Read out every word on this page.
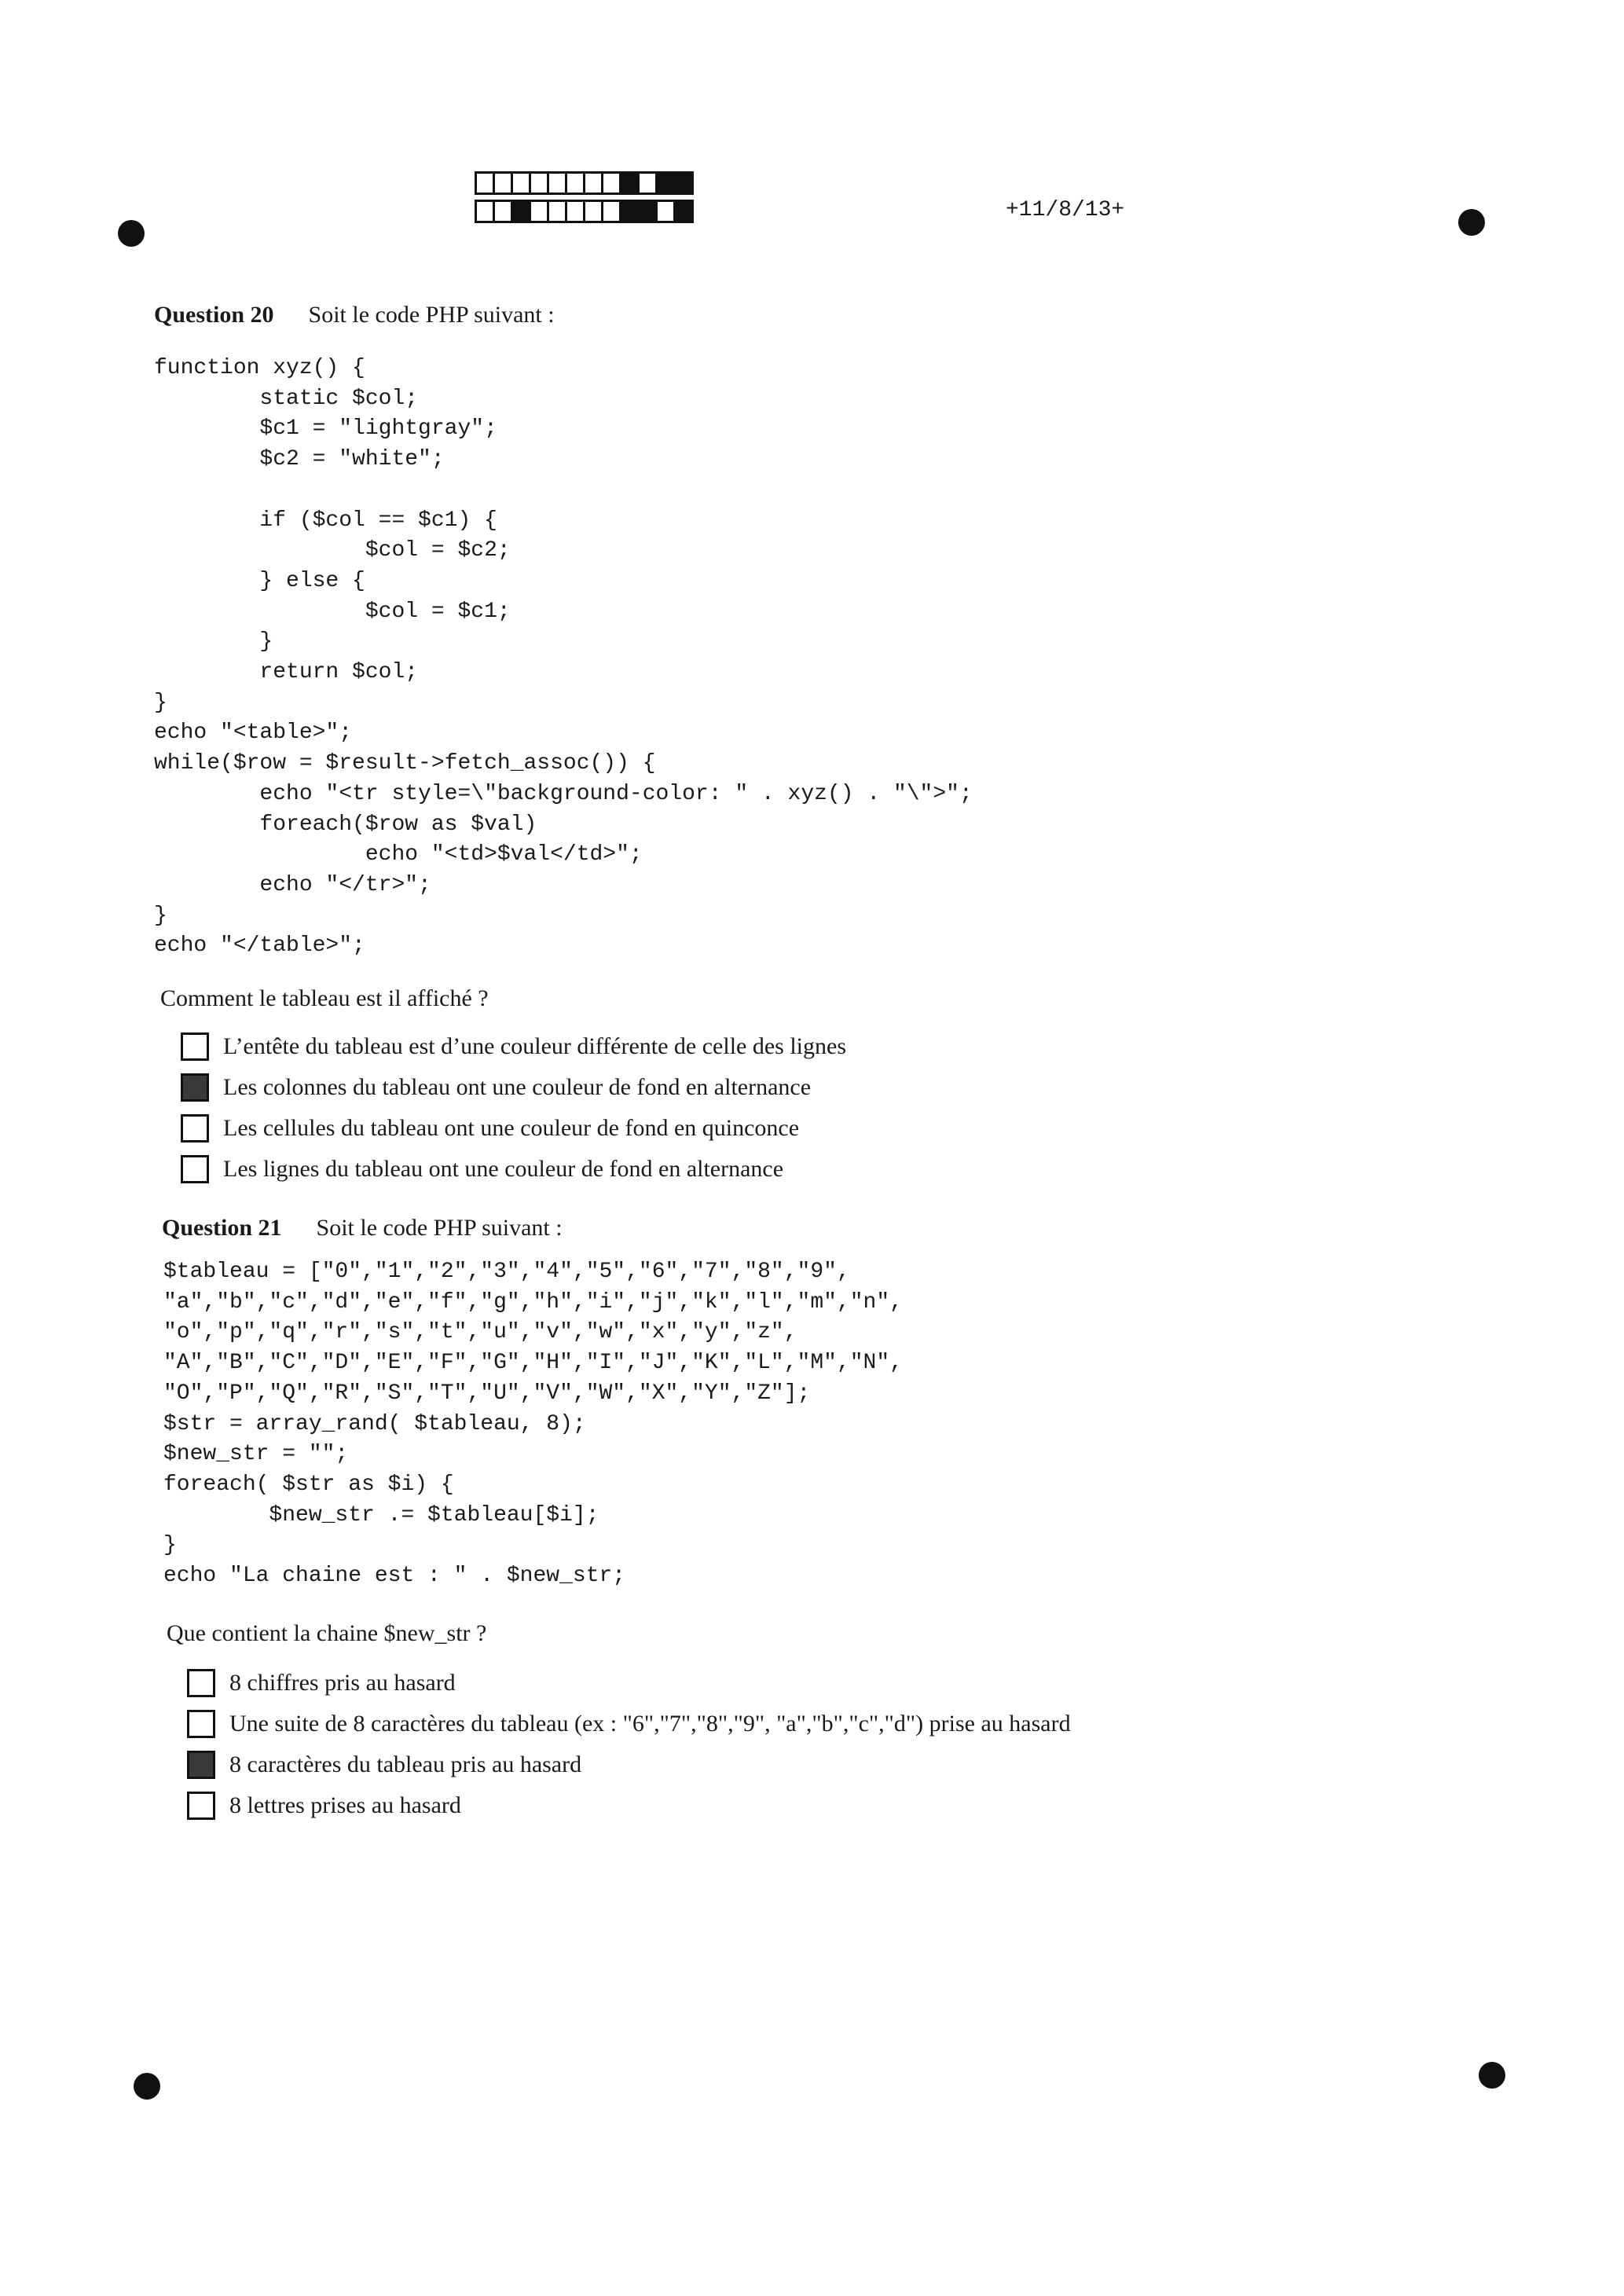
+11/8/13+
Question 20 Soit le code PHP suivant :
function xyz() {
static $col;
$c1 = "lightgray";
$c2 = "white";

if ($col == $c1) {
$col = $c2;
} else {
$col = $c1;
}
return $col;
}
echo "<table>";
while($row = $result->fetch_assoc()) {
echo "<tr style=\"background-color: " . xyz() . "\">";
foreach($row as $val)
echo "<td>$val</td>";
echo "</tr>";
}
echo "</table>";
Comment le tableau est il affiché ?
L’entête du tableau est d’une couleur différente de celle des lignes
Les colonnes du tableau ont une couleur de fond en alternance
Les cellules du tableau ont une couleur de fond en quinconce
Les lignes du tableau ont une couleur de fond en alternance
Question 21 Soit le code PHP suivant :
$tableau = ["0","1","2","3","4","5","6","7","8","9",
"a","b","c","d","e","f","g","h","i","j","k","l","m","n",
"o","p","q","r","s","t","u","v","w","x","y","z",
"A","B","C","D","E","F","G","H","I","J","K","L","M","N",
"O","P","Q","R","S","T","U","V","W","X","Y","Z"];
$str = array_rand( $tableau, 8);
$new_str = "";
foreach( $str as $i) {
$new_str .= $tableau[$i];
}
echo "La chaine est : " . $new_str;
Que contient la chaine $new_str ?
8 chiffres pris au hasard
Une suite de 8 caractères du tableau (ex : "6","7","8","9", "a","b","c","d") prise au hasard
8 caractères du tableau pris au hasard
8 lettres prises au hasard
